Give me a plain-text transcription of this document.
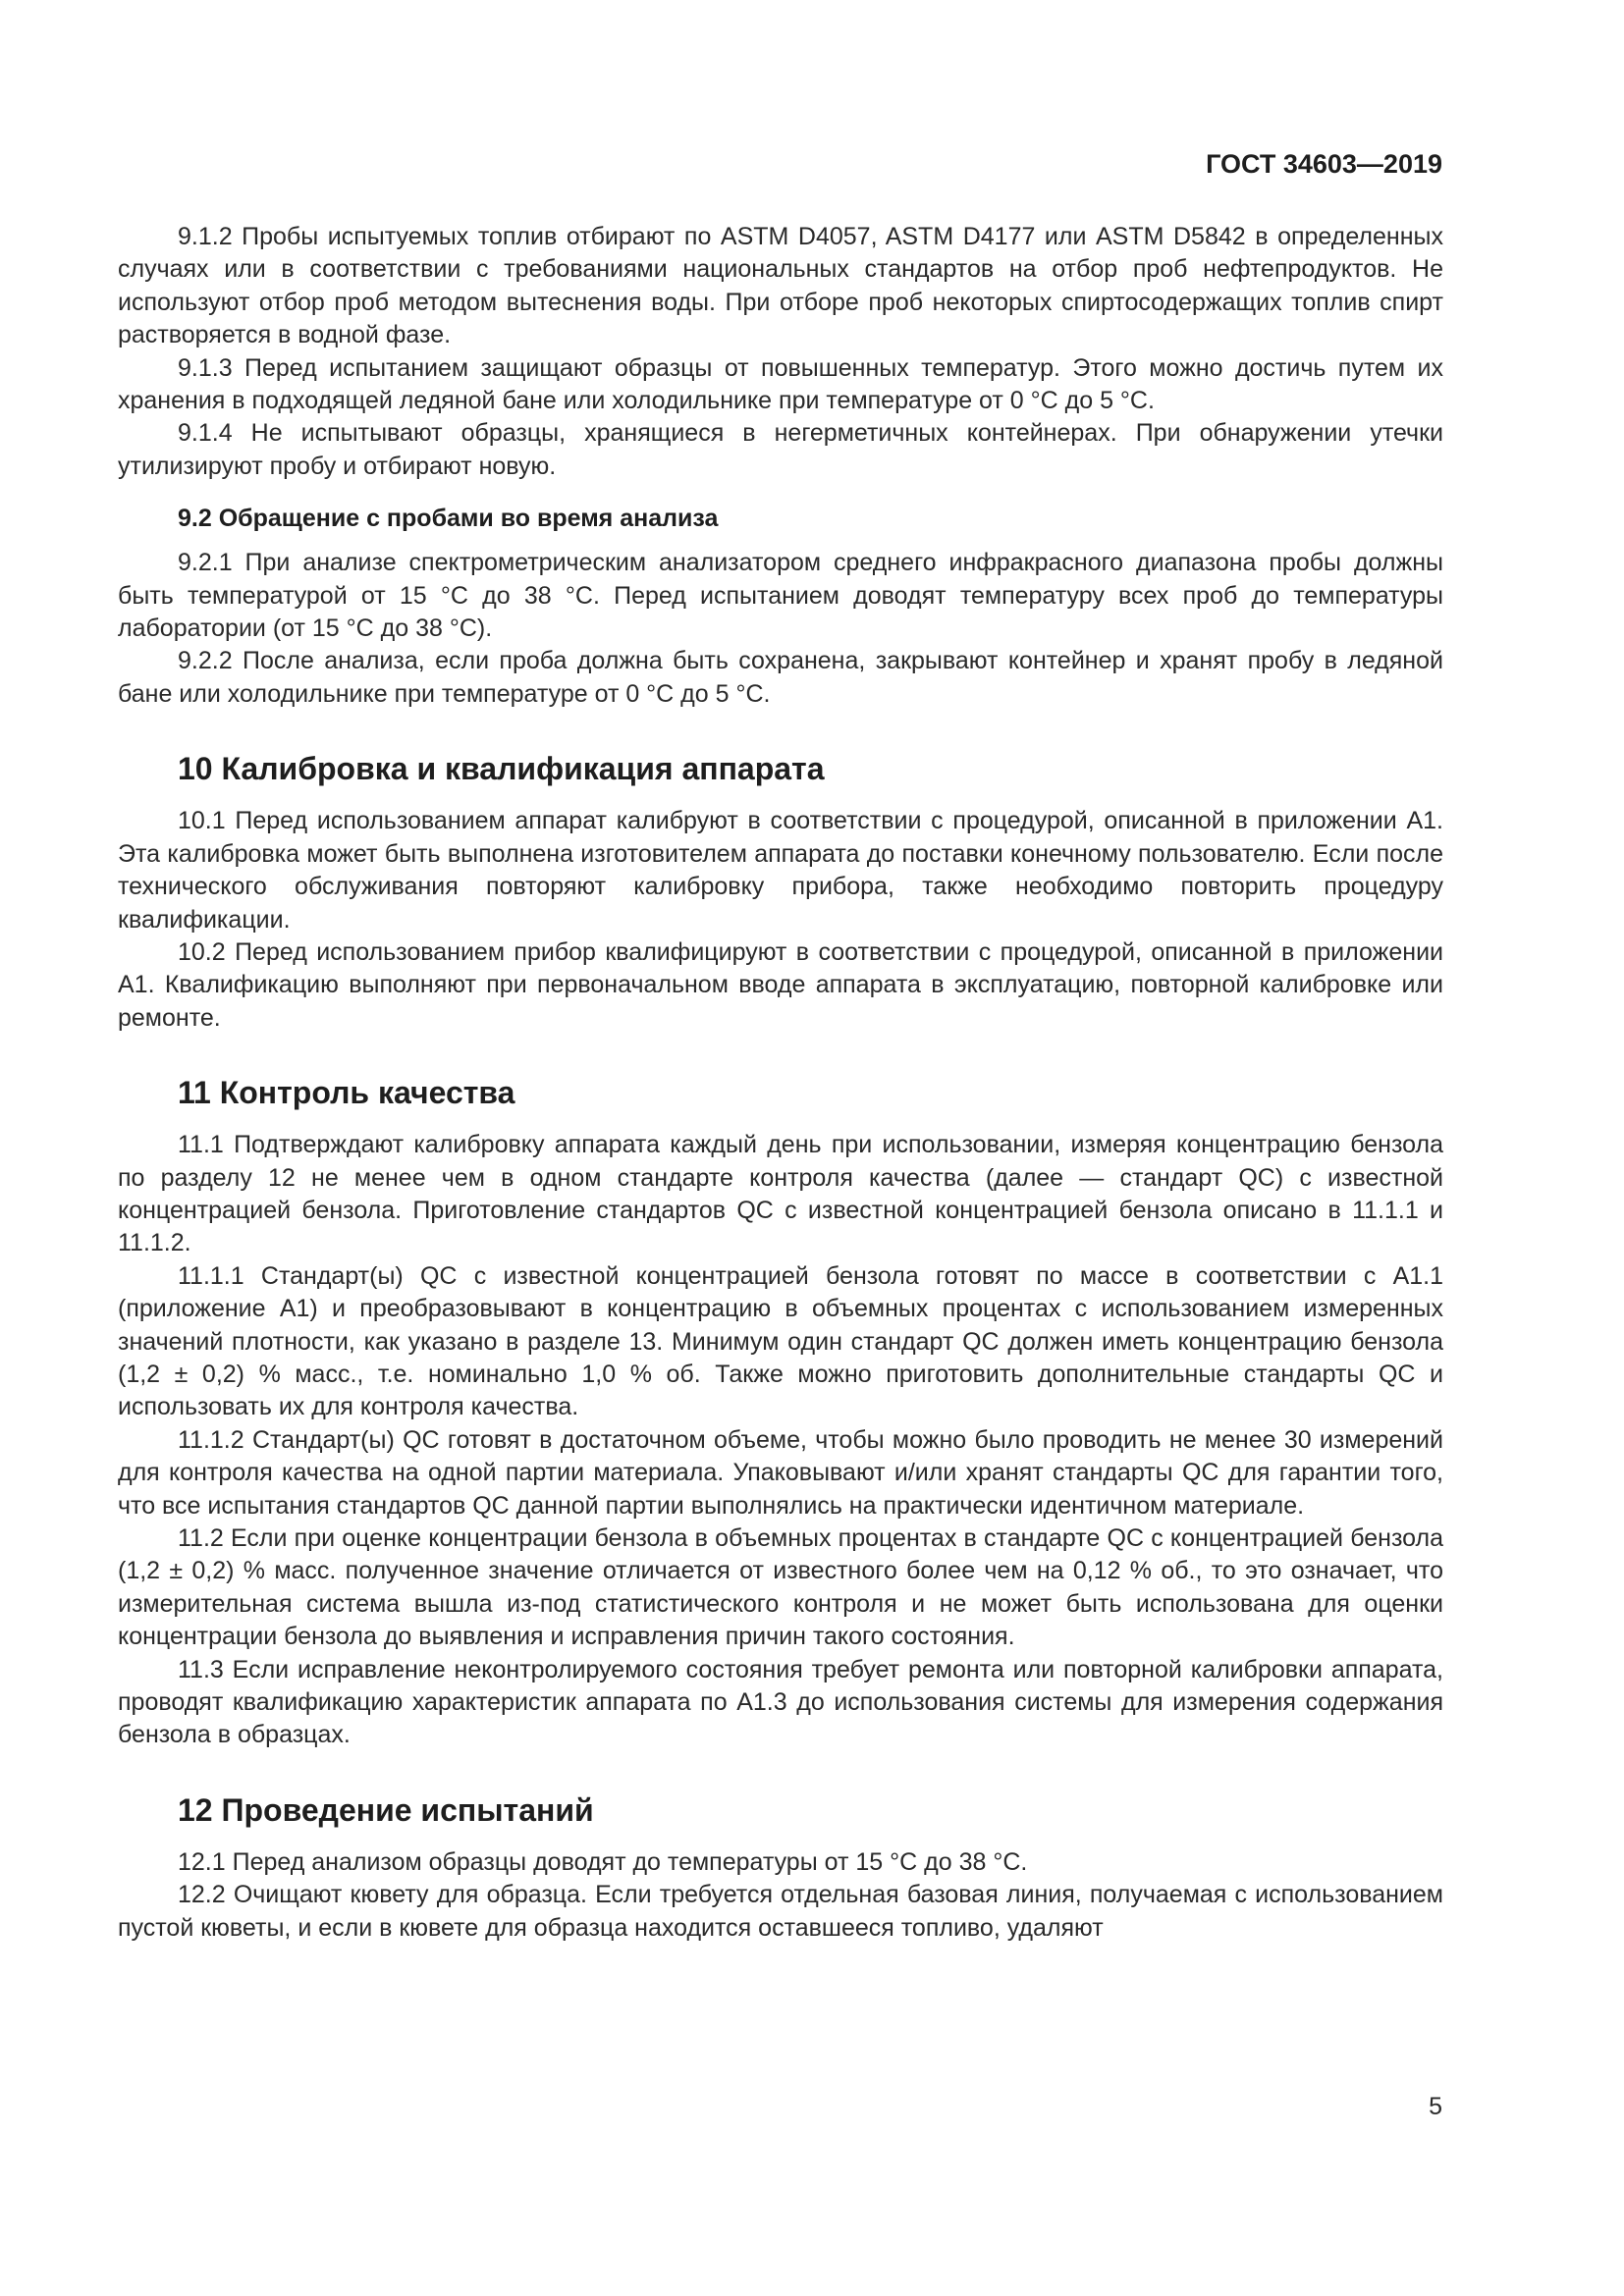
ГОСТ 34603—2019

9.1.2 Пробы испытуемых топлив отбирают по ASTM D4057, ASTM D4177 или ASTM D5842 в определенных случаях или в соответствии с требованиями национальных стандартов на отбор проб нефтепродуктов. Не используют отбор проб методом вытеснения воды. При отборе проб некоторых спиртосодержащих топлив спирт растворяется в водной фазе.

9.1.3 Перед испытанием защищают образцы от повышенных температур. Этого можно достичь путем их хранения в подходящей ледяной бане или холодильнике при температуре от 0 °С до 5 °С.

9.1.4 Не испытывают образцы, хранящиеся в негерметичных контейнерах. При обнаружении утечки утилизируют пробу и отбирают новую.

9.2 Обращение с пробами во время анализа

9.2.1 При анализе спектрометрическим анализатором среднего инфракрасного диапазона пробы должны быть температурой от 15 °С до 38 °С. Перед испытанием доводят температуру всех проб до температуры лаборатории (от 15 °С до 38 °С).

9.2.2 После анализа, если проба должна быть сохранена, закрывают контейнер и хранят пробу в ледяной бане или холодильнике при температуре от 0 °С до 5 °С.

10 Калибровка и квалификация аппарата

10.1 Перед использованием аппарат калибруют в соответствии с процедурой, описанной в приложении А1. Эта калибровка может быть выполнена изготовителем аппарата до поставки конечному пользователю. Если после технического обслуживания повторяют калибровку прибора, также необходимо повторить процедуру квалификации.

10.2 Перед использованием прибор квалифицируют в соответствии с процедурой, описанной в приложении А1. Квалификацию выполняют при первоначальном вводе аппарата в эксплуатацию, повторной калибровке или ремонте.

11 Контроль качества

11.1 Подтверждают калибровку аппарата каждый день при использовании, измеряя концентрацию бензола по разделу 12 не менее чем в одном стандарте контроля качества (далее — стандарт QC) с известной концентрацией бензола. Приготовление стандартов QC с известной концентрацией бензола описано в 11.1.1 и 11.1.2.

11.1.1 Стандарт(ы) QC с известной концентрацией бензола готовят по массе в соответствии с А1.1 (приложение А1) и преобразовывают в концентрацию в объемных процентах с использованием измеренных значений плотности, как указано в разделе 13. Минимум один стандарт QC должен иметь концентрацию бензола (1,2 ± 0,2) % масс., т.е. номинально 1,0 % об. Также можно приготовить дополнительные стандарты QC и использовать их для контроля качества.

11.1.2 Стандарт(ы) QC готовят в достаточном объеме, чтобы можно было проводить не менее 30 измерений для контроля качества на одной партии материала. Упаковывают и/или хранят стандарты QC для гарантии того, что все испытания стандартов QC данной партии выполнялись на практически идентичном материале.

11.2 Если при оценке концентрации бензола в объемных процентах в стандарте QC с концентрацией бензола (1,2 ± 0,2) % масс. полученное значение отличается от известного более чем на 0,12 % об., то это означает, что измерительная система вышла из-под статистического контроля и не может быть использована для оценки концентрации бензола до выявления и исправления причин такого состояния.

11.3 Если исправление неконтролируемого состояния требует ремонта или повторной калибровки аппарата, проводят квалификацию характеристик аппарата по А1.3 до использования системы для измерения содержания бензола в образцах.

12 Проведение испытаний

12.1 Перед анализом образцы доводят до температуры от 15 °С до 38 °С.

12.2 Очищают кювету для образца. Если требуется отдельная базовая линия, получаемая с использованием пустой кюветы, и если в кювете для образца находится оставшееся топливо, удаляют

5
